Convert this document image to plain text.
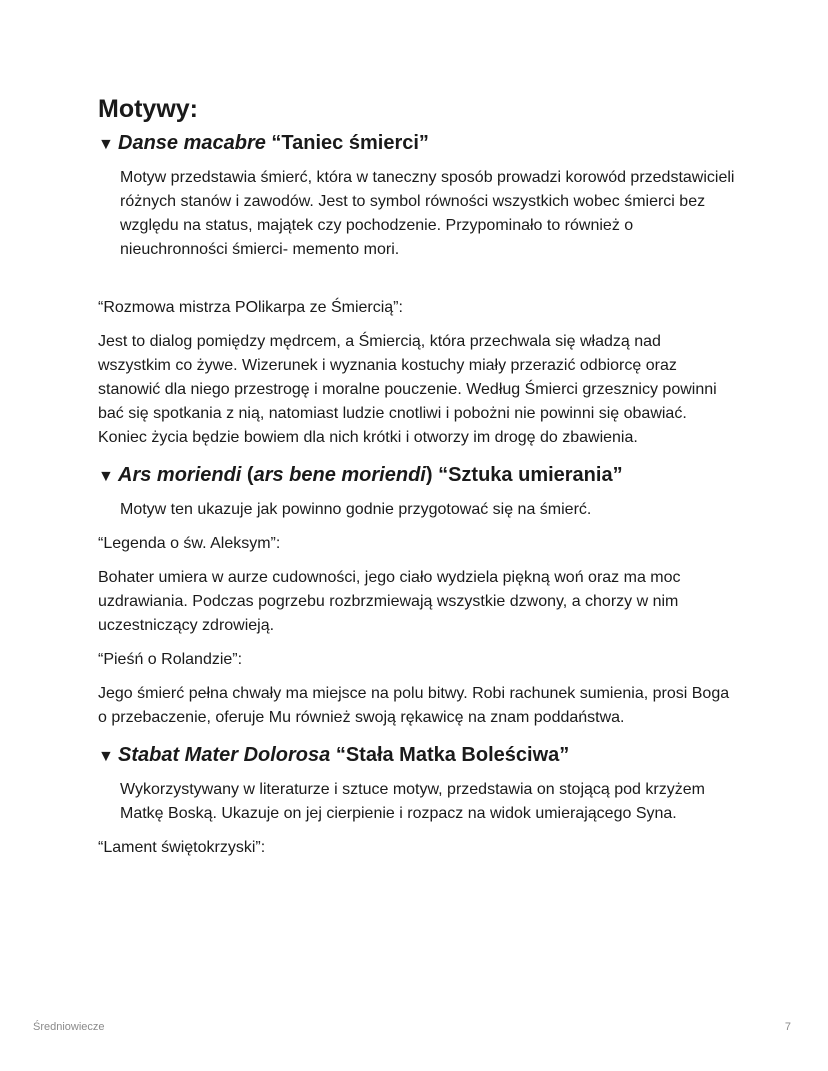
Motywy:
▼ Danse macabre “Taniec śmierci”

Motyw przedstawia śmierć, która w taneczny sposób prowadzi korowód przedstawicieli różnych stanów i zawodów. Jest to symbol równości wszystkich wobec śmierci bez względu na status, majątek czy pochodzenie. Przypominało to również o nieuchronności śmierci- memento mori.

“Rozmowa mistrza POlikarpa ze Śmiercią”:

Jest to dialog pomiędzy mędrcem, a Śmiercią, która przechwala się władzą nad wszystkim co żywe. Wizerunek i wyznania kostuchy miały przerazić odbiorcę oraz stanowić dla niego przestrogę i moralne pouczenie. Według Śmierci grzesznicy powinni bać się spotkania z nią, natomiast ludzie cnotliwi i pobożni nie powinni się obawiać. Koniec życia będzie bowiem dla nich krótki i otworzy im drogę do zbawienia.

▼ Ars moriendi (ars bene moriendi) “Sztuka umierania”

Motyw ten ukazuje jak powinno godnie przygotować się na śmierć.

“Legenda o św. Aleksym”:

Bohater umiera w aurze cudowności, jego ciało wydziela piękną woń oraz ma moc uzdrawiania. Podczas pogrzebu rozbrzmiewają wszystkie dzwony, a chorzy w nim uczestniczący zdrowieją.

“Pieśń o Rolandzie”:

Jego śmierć pełna chwały ma miejsce na polu bitwy. Robi rachunek sumienia, prosi Boga o przebaczenie, oferuje Mu również swoją rękawicę na znam poddaństwa.

▼ Stabat Mater Dolorosa “Stała Matka Boleściwa”

Wykorzystywany w literaturze i sztuce motyw, przedstawia on stojącą pod krzyżem Matkę Boską. Ukazuje on jej cierpienie i rozpacz na widok umierającego Syna.

“Lament świętokrzyski”:

Średniowiecze	7
